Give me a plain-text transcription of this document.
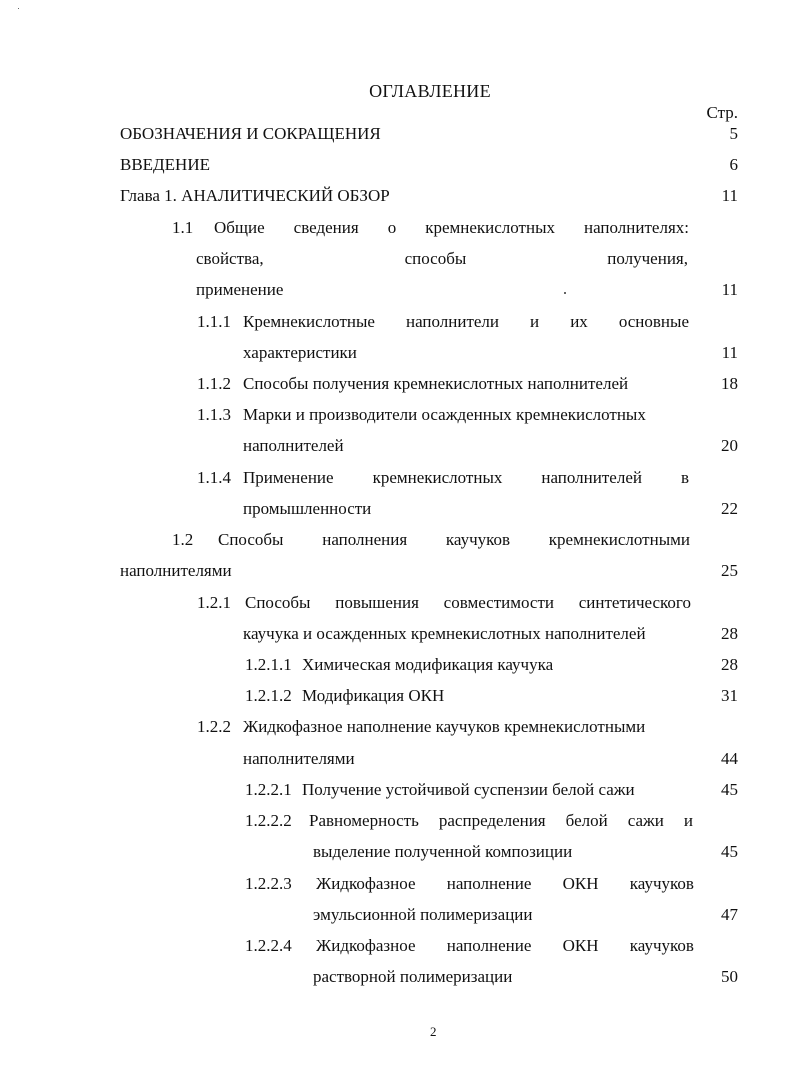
ОГЛАВЛЕНИЕ
Стр.
ОБОЗНАЧЕНИЯ И СОКРАЩЕНИЯ	5
ВВЕДЕНИЕ	6
Глава 1. АНАЛИТИЧЕСКИЙ ОБЗОР	11
1.1 Общие сведения о кремнекислотных наполнителях:
свойства,	способы	получения,
применение	11
1.1.1 Кремнекислотные наполнители и их основные
характеристики	11
1.1.2 Способы получения кремнекислотных наполнителей	18
1.1.3 Марки и производители осажденных кремнекислотных
наполнителей	20
1.1.4 Применение кремнекислотных наполнителей в
промышленности	22
1.2 Способы наполнения каучуков кремнекислотными
наполнителями	25
1.2.1 Способы повышения совместимости синтетического
каучука и осажденных кремнекислотных наполнителей	28
1.2.1.1 Химическая модификация каучука	28
1.2.1.2 Модификация ОКН	31
1.2.2 Жидкофазное наполнение каучуков кремнекислотными
наполнителями	44
1.2.2.1 Получение устойчивой суспензии белой сажи	45
1.2.2.2 Равномерность распределения белой сажи и
выделение полученной композиции	45
1.2.2.3 Жидкофазное наполнение ОКН каучуков
эмульсионной полимеризации	47
1.2.2.4 Жидкофазное наполнение ОКН каучуков
растворной полимеризации	50
2
